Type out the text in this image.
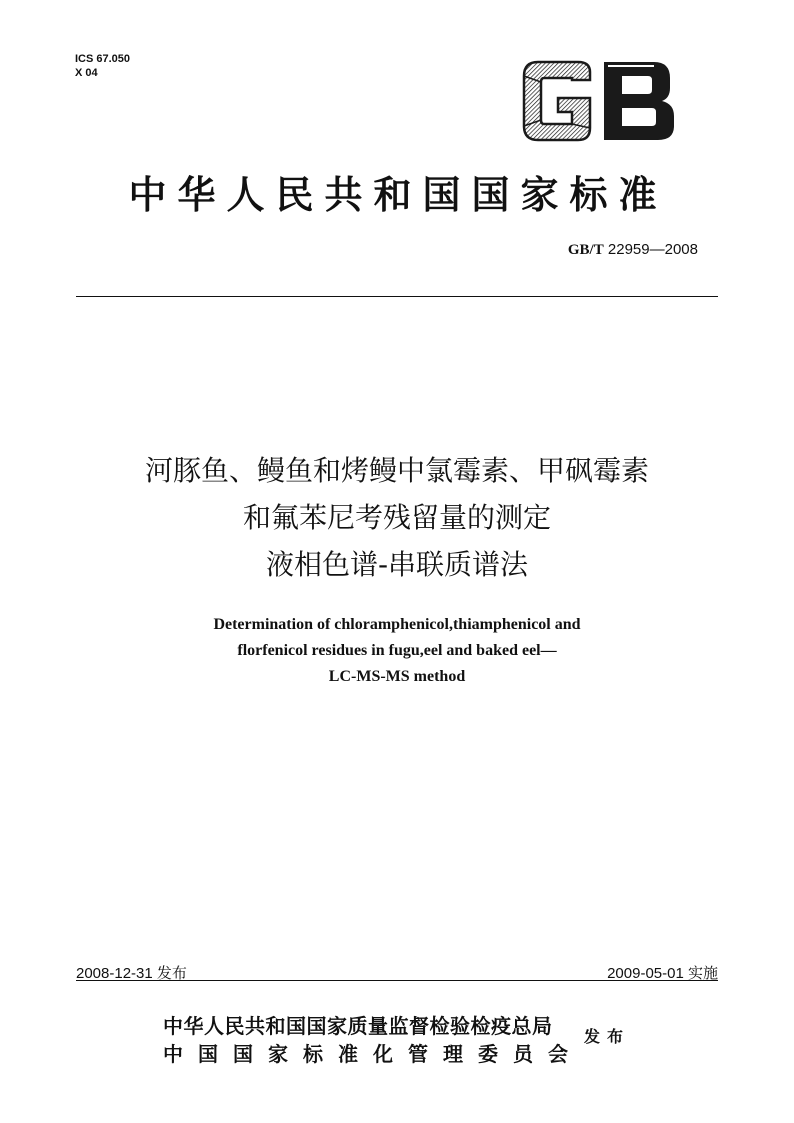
ICS 67.050
X 04
中华人民共和国国家标准
GB/T 22959—2008
河豚鱼、鳗鱼和烤鳗中氯霉素、甲砜霉素
和氟苯尼考残留量的测定
液相色谱-串联质谱法
Determination of chloramphenicol,thiamphenicol and
florfenicol residues in fugu,eel and baked eel—
LC-MS-MS method
2008-12-31 发布	2009-05-01 实施
中华人民共和国国家质量监督检验检疫总局
中国国家标准化管理委员会
发布
